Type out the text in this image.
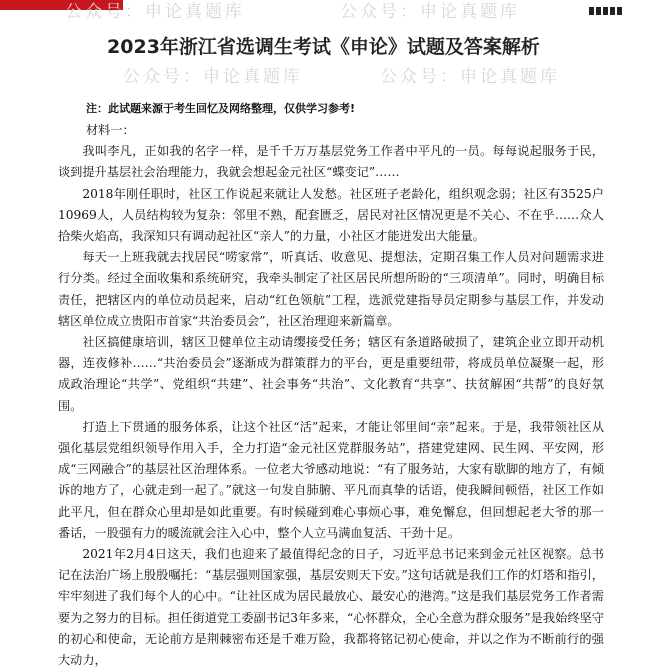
公众号：申论真题库	公众号：申论真题库
公众号：申论真题库	公众号：申论真题库
2023年浙江省选调生考试《申论》试题及答案解析
注：此试题来源于考生回忆及网络整理，仅供学习参考!

材料一：

我叫李凡，正如我的名字一样，是千千万万基层党务工作者中平凡的一员。每每说起服务于民，谈到提升基层社会治理能力，我就会想起金元社区“蝶变记”……

2018年刚任职时，社区工作说起来就让人发愁。社区班子老龄化，组织观念弱；社区有3525户10969人，人员结构较为复杂：邻里不熟，配套匮乏，居民对社区情况更是不关心、不在乎……众人拾柴火焰高，我深知只有调动起社区“亲人”的力量，小社区才能迸发出大能量。

每天一上班我就去找居民“唠家常”，听真话、收意见、提想法，定期召集工作人员对问题需求进行分类。经过全面收集和系统研究，我牵头制定了社区居民所想所盼的“三项清单”。同时，明确目标责任，把辖区内的单位动员起来，启动“红色领航”工程，选派党建指导员定期参与基层工作，并发动辖区单位成立贵阳市首家“共治委员会”，社区治理迎来新篇章。

社区搞健康培训，辖区卫健单位主动请缨接受任务；辖区有条道路破损了，建筑企业立即开动机器，连夜修补……“共治委员会”逐渐成为群策群力的平台，更是重要纽带，将成员单位凝聚一起，形成政治理论“共学”、党组织“共建”、社会事务“共治”、文化教育“共享”、扶贫解困“共帮”的良好氛围。

打造上下贯通的服务体系，让这个社区“活”起来，才能让邻里间“亲”起来。于是，我带领社区从强化基层党组织领导作用入手，全力打造“金元社区党群服务站”，搭建党建网、民生网、平安网，形成“三网融合”的基层社区治理体系。一位老大爷感动地说：“有了服务站，大家有歇脚的地方了，有倾诉的地方了，心就走到一起了。”就这一句发自肺腑、平凡而真挚的话语，使我瞬间顿悟，社区工作如此平凡，但在群众心里却是如此重要。有时候碰到难心事烦心事，难免懈怠，但回想起老大爷的那一番话，一股强有力的暖流就会注入心中，整个人立马满血复活、干劲十足。

2021年2月4日这天，我们也迎来了最值得纪念的日子，习近平总书记来到金元社区视察。总书记在法治广场上殷殷嘱托：“基层强则国家强，基层安则天下安。”这句话就是我们工作的灯塔和指引，牢牢刻进了我们每个人的心中。“让社区成为居民最放心、最安心的港湾。”这是我们基层党务工作者需要为之努力的目标。担任街道党工委副书记3年多来，“心怀群众，全心全意为群众服务”是我始终坚守的初心和使命，无论前方是荆棘密布还是千难万险，我都将铭记初心使命，并以之作为不断前行的强大动力，
